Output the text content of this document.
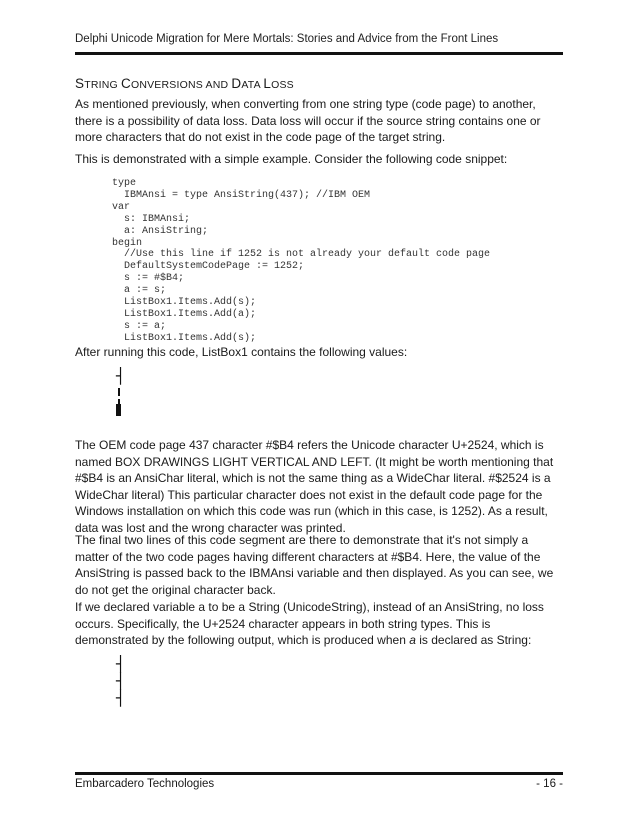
Delphi Unicode Migration for Mere Mortals: Stories and Advice from the Front Lines
STRING CONVERSIONS AND DATA LOSS

As mentioned previously, when converting from one string type (code page) to another, there is a possibility of data loss. Data loss will occur if the source string contains one or more characters that do not exist in the code page of the target string.

This is demonstrated with a simple example. Consider the following code snippet:

type
IBMAnsi = type AnsiString(437); //IBM OEM
var
s: IBMAnsi;
a: AnsiString;
begin
//Use this line if 1252 is not already your default code page
DefaultSystemCodePage := 1252;
s := #$B4;
a := s;
ListBox1.Items.Add(s);
ListBox1.Items.Add(a);
s := a;
ListBox1.Items.Add(s);

After running this code, ListBox1 contains the following values:

┤

The OEM code page 437 character #$B4 refers the Unicode character U+2524, which is named BOX DRAWINGS LIGHT VERTICAL AND LEFT. (It might be worth mentioning that #$B4 is an AnsiChar literal, which is not the same thing as a WideChar literal. #$2524 is a WideChar literal) This particular character does not exist in the default code page for the Windows installation on which this code was run (which in this case, is 1252). As a result, data was lost and the wrong character was printed.

The final two lines of this code segment are there to demonstrate that it's not simply a matter of the two code pages having different characters at #$B4. Here, the value of the AnsiString is passed back to the IBMAnsi variable and then displayed. As you can see, we do not get the original character back.

If we declared variable a to be a String (UnicodeString), instead of an AnsiString, no loss occurs. Specifically, the U+2524 character appears in both string types. This is demonstrated by the following output, which is produced when a is declared as String:

┤
┤
┤
Embarcadero Technologies	- 16 -
